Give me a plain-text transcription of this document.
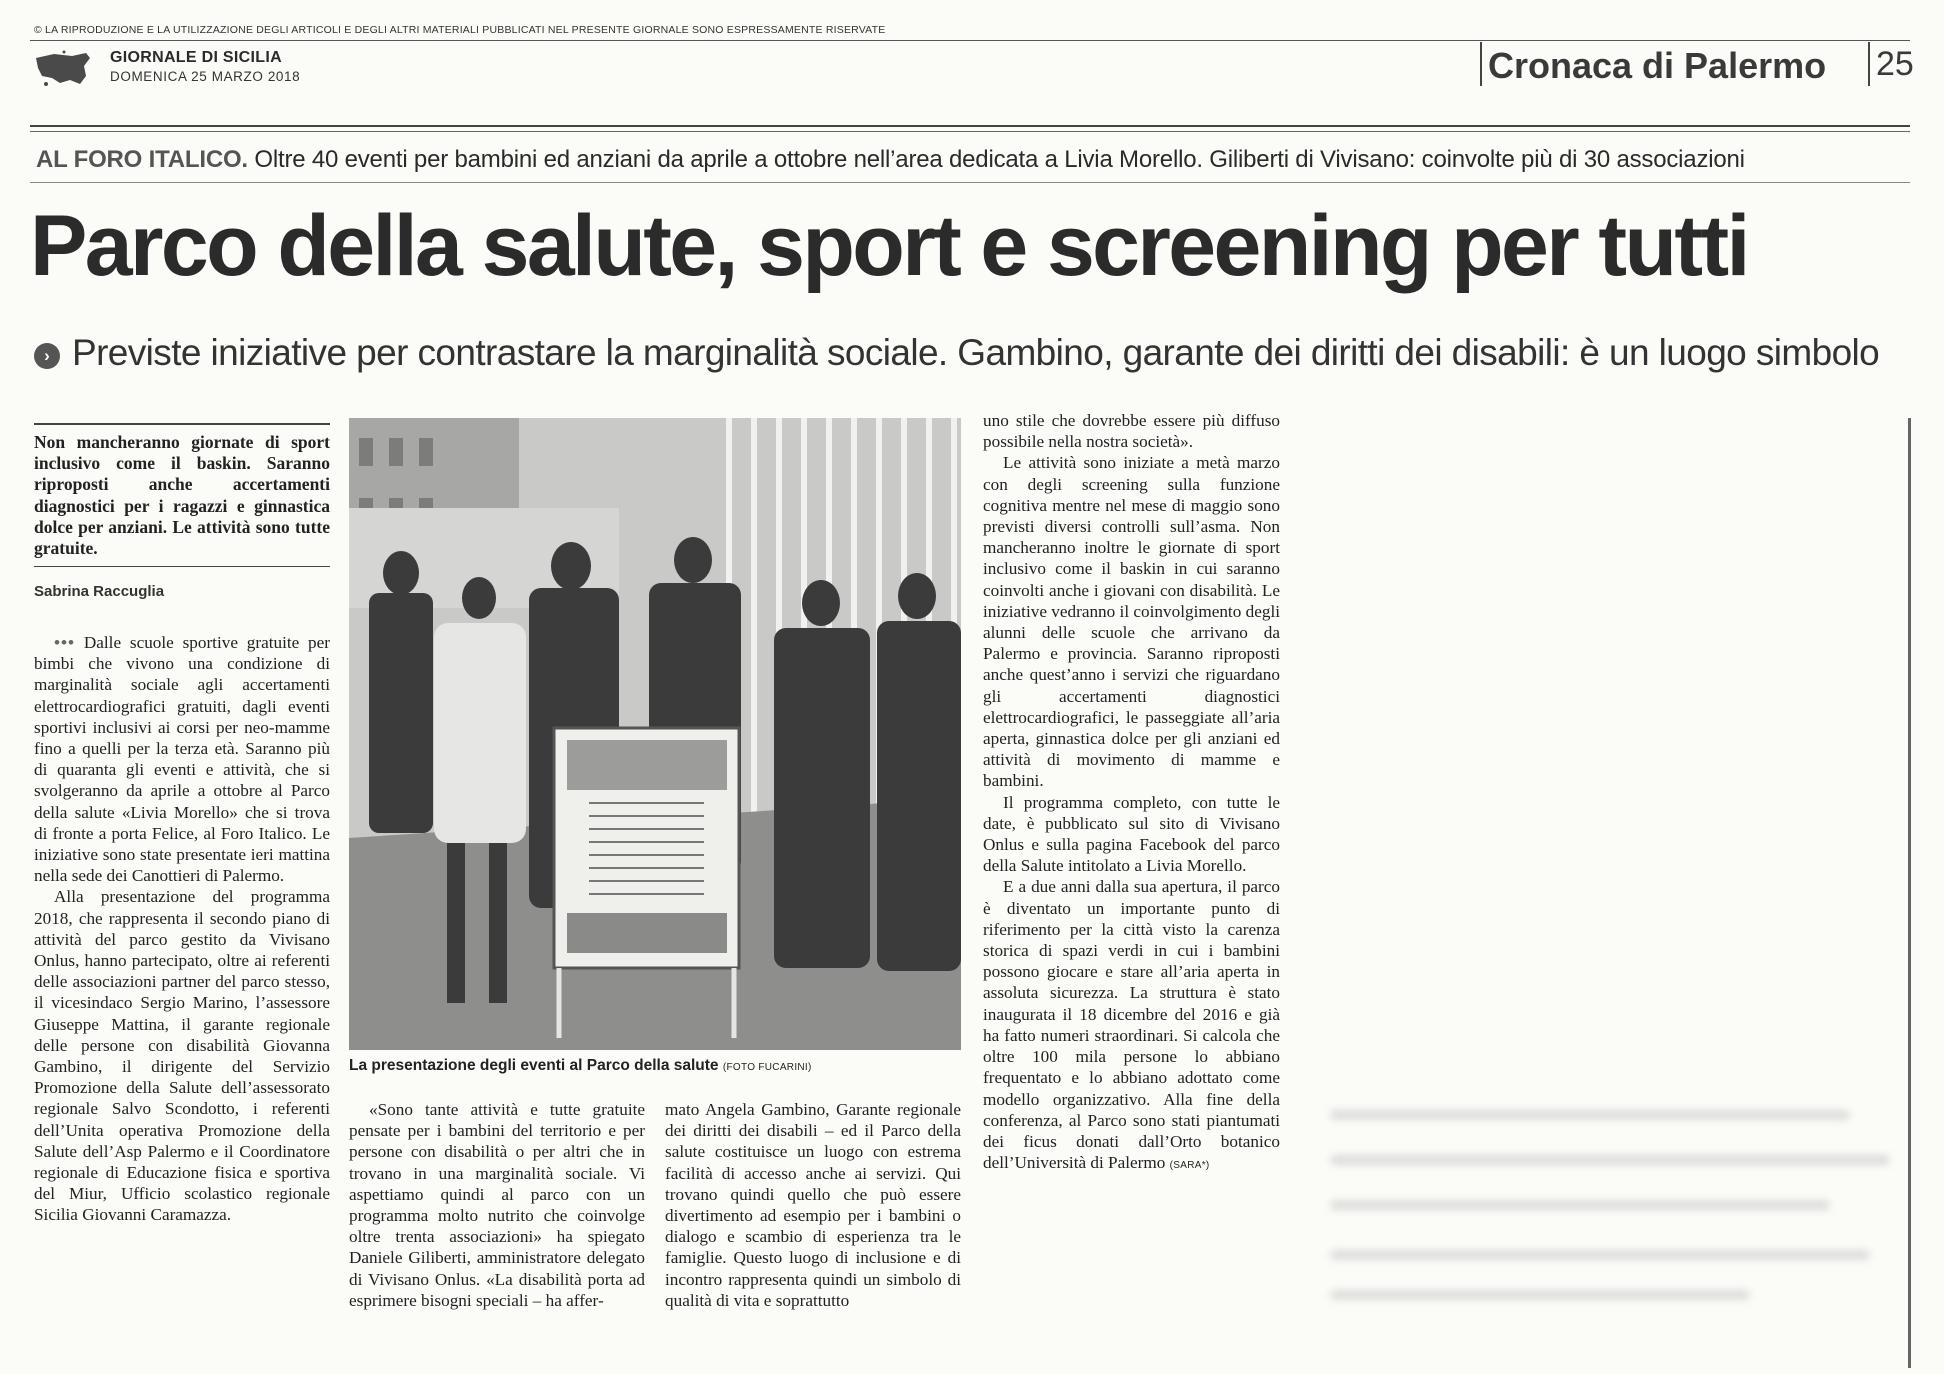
© LA RIPRODUZIONE E LA UTILIZZAZIONE DEGLI ARTICOLI E DEGLI ALTRI MATERIALI PUBBLICATI NEL PRESENTE GIORNALE SONO ESPRESSAMENTE RISERVATE
GIORNALE DI SICILIA
DOMENICA 25 MARZO 2018	Cronaca di Palermo 25
AL FORO ITALICO. Oltre 40 eventi per bambini ed anziani da aprile a ottobre nell’area dedicata a Livia Morello. Giliberti di Vivisano: coinvolte più di 30 associazioni
Parco della salute, sport e screening per tutti
› Previste iniziative per contrastare la marginalità sociale. Gambino, garante dei diritti dei disabili: è un luogo simbolo
Non mancheranno giornate di sport inclusivo come il baskin. Saranno riproposti anche accertamenti diagnostici per i ragazzi e ginnastica dolce per anziani. Le attività sono tutte gratuite.
Sabrina Raccuglia

••• Dalle scuole sportive gratuite per bimbi che vivono una condizione di marginalità sociale agli accertamenti elettrocardiografici gratuiti, dagli eventi sportivi inclusivi ai corsi per neo-mamme fino a quelli per la terza età. Saranno più di quaranta gli eventi e attività, che si svolgeranno da aprile a ottobre al Parco della salute «Livia Morello» che si trova di fronte a porta Felice, al Foro Italico. Le iniziative sono state presentate ieri mattina nella sede dei Canottieri di Palermo.

Alla presentazione del programma 2018, che rappresenta il secondo piano di attività del parco gestito da Vivisano Onlus, hanno partecipato, oltre ai referenti delle associazioni partner del parco stesso, il vicesindaco Sergio Marino, l’assessore Giuseppe Mattina, il garante regionale delle persone con disabilità Giovanna Gambino, il dirigente del Servizio Promozione della Salute dell’assessorato regionale Salvo Scondotto, i referenti dell’Unita operativa Promozione della Salute dell’Asp Palermo e il Coordinatore regionale di Educazione fisica e sportiva del Miur, Ufficio scolastico regionale Sicilia Giovanni Caramazza.

La presentazione degli eventi al Parco della salute (FOTO FUCARINI)

«Sono tante attività e tutte gratuite pensate per i bambini del territorio e per persone con disabilità o per altri che in trovano in una marginalità sociale. Vi aspettiamo quindi al parco con un programma molto nutrito che coinvolge oltre trenta associazioni» ha spiegato Daniele Giliberti, amministratore delegato di Vivisano Onlus. «La disabilità porta ad esprimere bisogni speciali – ha affer-

mato Angela Gambino, Garante regionale dei diritti dei disabili – ed il Parco della salute costituisce un luogo con estrema facilità di accesso anche ai servizi. Qui trovano quindi quello che può essere divertimento ad esempio per i bambini o dialogo e scambio di esperienza tra le famiglie. Questo luogo di inclusione e di incontro rappresenta quindi un simbolo di qualità di vita e soprattutto

uno stile che dovrebbe essere più diffuso possibile nella nostra società».

Le attività sono iniziate a metà marzo con degli screening sulla funzione cognitiva mentre nel mese di maggio sono previsti diversi controlli sull’asma. Non mancheranno inoltre le giornate di sport inclusivo come il baskin in cui saranno coinvolti anche i giovani con disabilità. Le iniziative vedranno il coinvolgimento degli alunni delle scuole che arrivano da Palermo e provincia. Saranno riproposti anche quest’anno i servizi che riguardano gli accertamenti diagnostici elettrocardiografici, le passeggiate all’aria aperta, ginnastica dolce per gli anziani ed attività di movimento di mamme e bambini.

Il programma completo, con tutte le date, è pubblicato sul sito di Vivisano Onlus e sulla pagina Facebook del parco della Salute intitolato a Livia Morello.

E a due anni dalla sua apertura, il parco è diventato un importante punto di riferimento per la città visto la carenza storica di spazi verdi in cui i bambini possono giocare e stare all’aria aperta in assoluta sicurezza. La struttura è stato inaugurata il 18 dicembre del 2016 e già ha fatto numeri straordinari. Si calcola che oltre 100 mila persone lo abbiano frequentato e lo abbiano adottato come modello organizzativo. Alla fine della conferenza, al Parco sono stati piantumati dei ficus donati dall’Orto botanico dell’Università di Palermo (SARA*)
